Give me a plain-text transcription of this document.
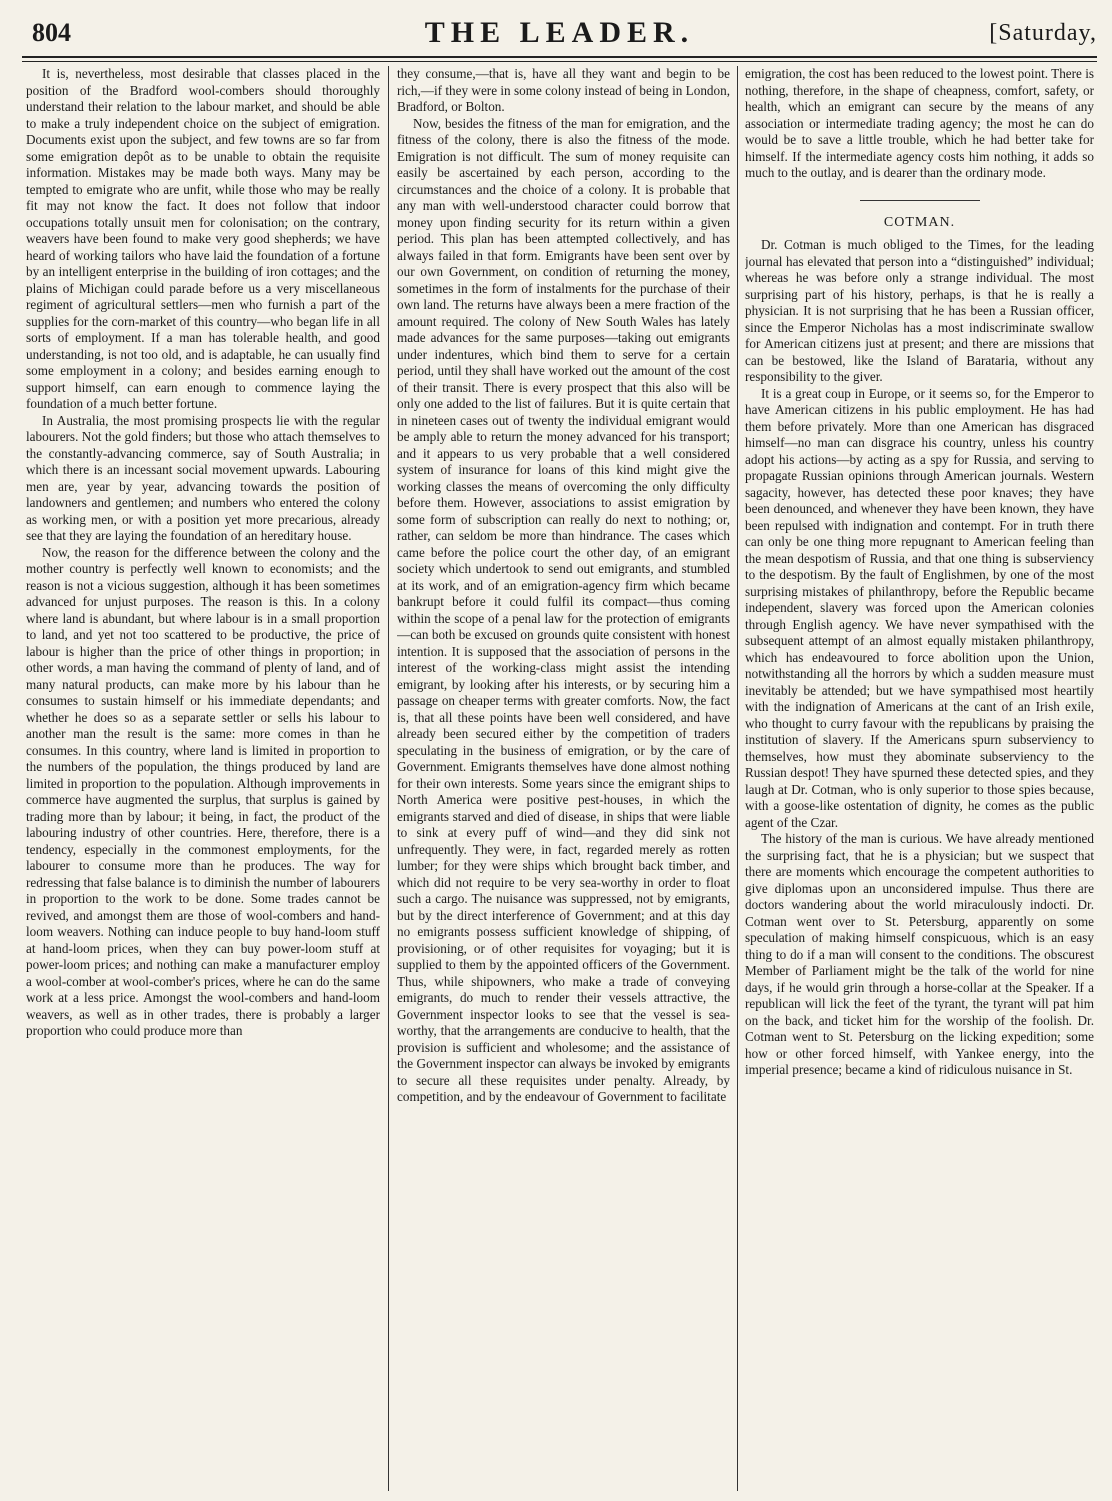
804	THE LEADER.	[Saturday,

It is, nevertheless, most desirable that classes placed in the position of the Bradford wool-combers should thoroughly understand their relation to the labour market, and should be able to make a truly independent choice on the subject of emigration. Documents exist upon the subject, and few towns are so far from some emigration depôt as to be unable to obtain the requisite information. Mistakes may be made both ways. Many may be tempted to emigrate who are unfit, while those who may be really fit may not know the fact. It does not follow that indoor occupations totally unsuit men for colonisation; on the contrary, weavers have been found to make very good shepherds; we have heard of working tailors who have laid the foundation of a fortune by an intelligent enterprise in the building of iron cottages; and the plains of Michigan could parade before us a very miscellaneous regiment of agricultural settlers—men who furnish a part of the supplies for the corn-market of this country—who began life in all sorts of employment. If a man has tolerable health, and good understanding, is not too old, and is adaptable, he can usually find some employment in a colony; and besides earning enough to support himself, can earn enough to commence laying the foundation of a much better fortune.

In Australia, the most promising prospects lie with the regular labourers. Not the gold finders; but those who attach themselves to the constantly-advancing commerce, say of South Australia; in which there is an incessant social movement upwards. Labouring men are, year by year, advancing towards the position of landowners and gentlemen; and numbers who entered the colony as working men, or with a position yet more precarious, already see that they are laying the foundation of an hereditary house.

Now, the reason for the difference between the colony and the mother country is perfectly well known to economists; and the reason is not a vicious suggestion, although it has been sometimes advanced for unjust purposes. The reason is this. In a colony where land is abundant, but where labour is in a small proportion to land, and yet not too scattered to be productive, the price of labour is higher than the price of other things in proportion; in other words, a man having the command of plenty of land, and of many natural products, can make more by his labour than he consumes to sustain himself or his immediate dependants; and whether he does so as a separate settler or sells his labour to another man the result is the same: more comes in than he consumes. In this country, where land is limited in proportion to the numbers of the population, the things produced by land are limited in proportion to the population. Although improvements in commerce have augmented the surplus, that surplus is gained by trading more than by labour; it being, in fact, the product of the labouring industry of other countries. Here, therefore, there is a tendency, especially in the commonest employments, for the labourer to consume more than he produces. The way for redressing that false balance is to diminish the number of labourers in proportion to the work to be done. Some trades cannot be revived, and amongst them are those of wool-combers and hand-loom weavers. Nothing can induce people to buy hand-loom stuff at hand-loom prices, when they can buy power-loom stuff at power-loom prices; and nothing can make a manufacturer employ a wool-comber at wool-comber's prices, where he can do the same work at a less price. Amongst the wool-combers and hand-loom weavers, as well as in other trades, there is probably a larger proportion who could produce more than

they consume,—that is, have all they want and begin to be rich,—if they were in some colony instead of being in London, Bradford, or Bolton.

Now, besides the fitness of the man for emigration, and the fitness of the colony, there is also the fitness of the mode. Emigration is not difficult. The sum of money requisite can easily be ascertained by each person, according to the circumstances and the choice of a colony. It is probable that any man with well-understood character could borrow that money upon finding security for its return within a given period. This plan has been attempted collectively, and has always failed in that form. Emigrants have been sent over by our own Government, on condition of returning the money, sometimes in the form of instalments for the purchase of their own land. The returns have always been a mere fraction of the amount required. The colony of New South Wales has lately made advances for the same purposes—taking out emigrants under indentures, which bind them to serve for a certain period, until they shall have worked out the amount of the cost of their transit. There is every prospect that this also will be only one added to the list of failures. But it is quite certain that in nineteen cases out of twenty the individual emigrant would be amply able to return the money advanced for his transport; and it appears to us very probable that a well considered system of insurance for loans of this kind might give the working classes the means of overcoming the only difficulty before them. However, associations to assist emigration by some form of subscription can really do next to nothing; or, rather, can seldom be more than hindrance. The cases which came before the police court the other day, of an emigrant society which undertook to send out emigrants, and stumbled at its work, and of an emigration-agency firm which became bankrupt before it could fulfil its compact—thus coming within the scope of a penal law for the protection of emigrants—can both be excused on grounds quite consistent with honest intention. It is supposed that the association of persons in the interest of the working-class might assist the intending emigrant, by looking after his interests, or by securing him a passage on cheaper terms with greater comforts. Now, the fact is, that all these points have been well considered, and have already been secured either by the competition of traders speculating in the business of emigration, or by the care of Government. Emigrants themselves have done almost nothing for their own interests. Some years since the emigrant ships to North America were positive pest-houses, in which the emigrants starved and died of disease, in ships that were liable to sink at every puff of wind—and they did sink not unfrequently. They were, in fact, regarded merely as rotten lumber; for they were ships which brought back timber, and which did not require to be very sea-worthy in order to float such a cargo. The nuisance was suppressed, not by emigrants, but by the direct interference of Government; and at this day no emigrants possess sufficient knowledge of shipping, of provisioning, or of other requisites for voyaging; but it is supplied to them by the appointed officers of the Government. Thus, while shipowners, who make a trade of conveying emigrants, do much to render their vessels attractive, the Government inspector looks to see that the vessel is sea-worthy, that the arrangements are conducive to health, that the provision is sufficient and wholesome; and the assistance of the Government inspector can always be invoked by emigrants to secure all these requisites under penalty. Already, by competition, and by the endeavour of Government to facilitate

emigration, the cost has been reduced to the lowest point. There is nothing, therefore, in the shape of cheapness, comfort, safety, or health, which an emigrant can secure by the means of any association or intermediate trading agency; the most he can do would be to save a little trouble, which he had better take for himself. If the intermediate agency costs him nothing, it adds so much to the outlay, and is dearer than the ordinary mode.

COTMAN.

Dr. Cotman is much obliged to the Times, for the leading journal has elevated that person into a “distinguished” individual; whereas he was before only a strange individual. The most surprising part of his history, perhaps, is that he is really a physician. It is not surprising that he has been a Russian officer, since the Emperor Nicholas has a most indiscriminate swallow for American citizens just at present; and there are missions that can be bestowed, like the Island of Barataria, without any responsibility to the giver.

It is a great coup in Europe, or it seems so, for the Emperor to have American citizens in his public employment. He has had them before privately. More than one American has disgraced himself—no man can disgrace his country, unless his country adopt his actions—by acting as a spy for Russia, and serving to propagate Russian opinions through American journals. Western sagacity, however, has detected these poor knaves; they have been denounced, and whenever they have been known, they have been repulsed with indignation and contempt. For in truth there can only be one thing more repugnant to American feeling than the mean despotism of Russia, and that one thing is subserviency to the despotism. By the fault of Englishmen, by one of the most surprising mistakes of philanthropy, before the Republic became independent, slavery was forced upon the American colonies through English agency. We have never sympathised with the subsequent attempt of an almost equally mistaken philanthropy, which has endeavoured to force abolition upon the Union, notwithstanding all the horrors by which a sudden measure must inevitably be attended; but we have sympathised most heartily with the indignation of Americans at the cant of an Irish exile, who thought to curry favour with the republicans by praising the institution of slavery. If the Americans spurn subserviency to themselves, how must they abominate subserviency to the Russian despot! They have spurned these detected spies, and they laugh at Dr. Cotman, who is only superior to those spies because, with a goose-like ostentation of dignity, he comes as the public agent of the Czar.

The history of the man is curious. We have already mentioned the surprising fact, that he is a physician; but we suspect that there are moments which encourage the competent authorities to give diplomas upon an unconsidered impulse. Thus there are doctors wandering about the world miraculously indocti. Dr. Cotman went over to St. Petersburg, apparently on some speculation of making himself conspicuous, which is an easy thing to do if a man will consent to the conditions. The obscurest Member of Parliament might be the talk of the world for nine days, if he would grin through a horse-collar at the Speaker. If a republican will lick the feet of the tyrant, the tyrant will pat him on the back, and ticket him for the worship of the foolish. Dr. Cotman went to St. Petersburg on the licking expedition; some how or other forced himself, with Yankee energy, into the imperial presence; became a kind of ridiculous nuisance in St.
